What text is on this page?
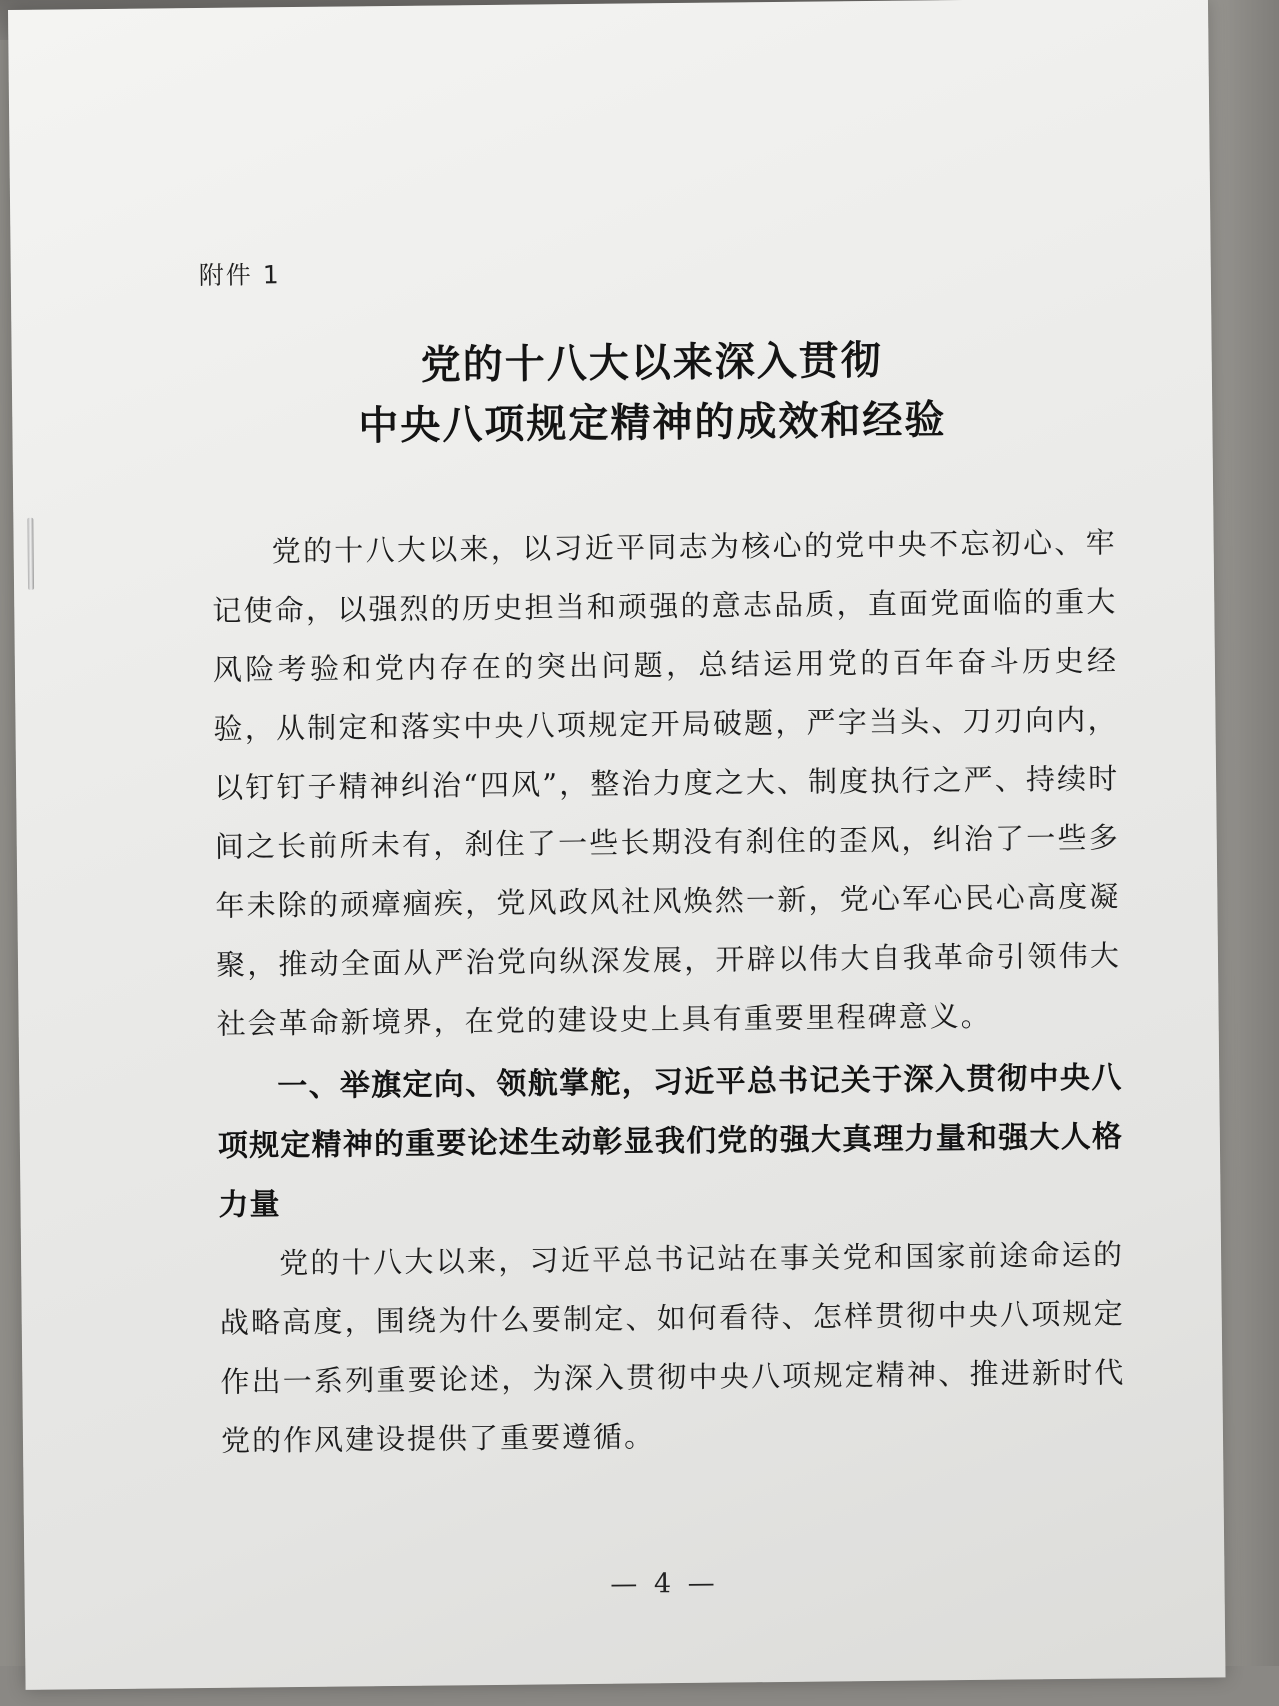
附件 1
党的十八大以来深入贯彻
中央八项规定精神的成效和经验

党的十八大以来，以习近平同志为核心的党中央不忘初心、牢记使命，以强烈的历史担当和顽强的意志品质，直面党面临的重大风险考验和党内存在的突出问题，总结运用党的百年奋斗历史经验，从制定和落实中央八项规定开局破题，严字当头、刀刃向内，以钉钉子精神纠治“四风”，整治力度之大、制度执行之严、持续时间之长前所未有，刹住了一些长期没有刹住的歪风，纠治了一些多年未除的顽瘴痼疾，党风政风社风焕然一新，党心军心民心高度凝聚，推动全面从严治党向纵深发展，开辟以伟大自我革命引领伟大社会革命新境界，在党的建设史上具有重要里程碑意义。

一、举旗定向、领航掌舵，习近平总书记关于深入贯彻中央八项规定精神的重要论述生动彰显我们党的强大真理力量和强大人格力量

党的十八大以来，习近平总书记站在事关党和国家前途命运的战略高度，围绕为什么要制定、如何看待、怎样贯彻中央八项规定作出一系列重要论述，为深入贯彻中央八项规定精神、推进新时代党的作风建设提供了重要遵循。

— 4 —
